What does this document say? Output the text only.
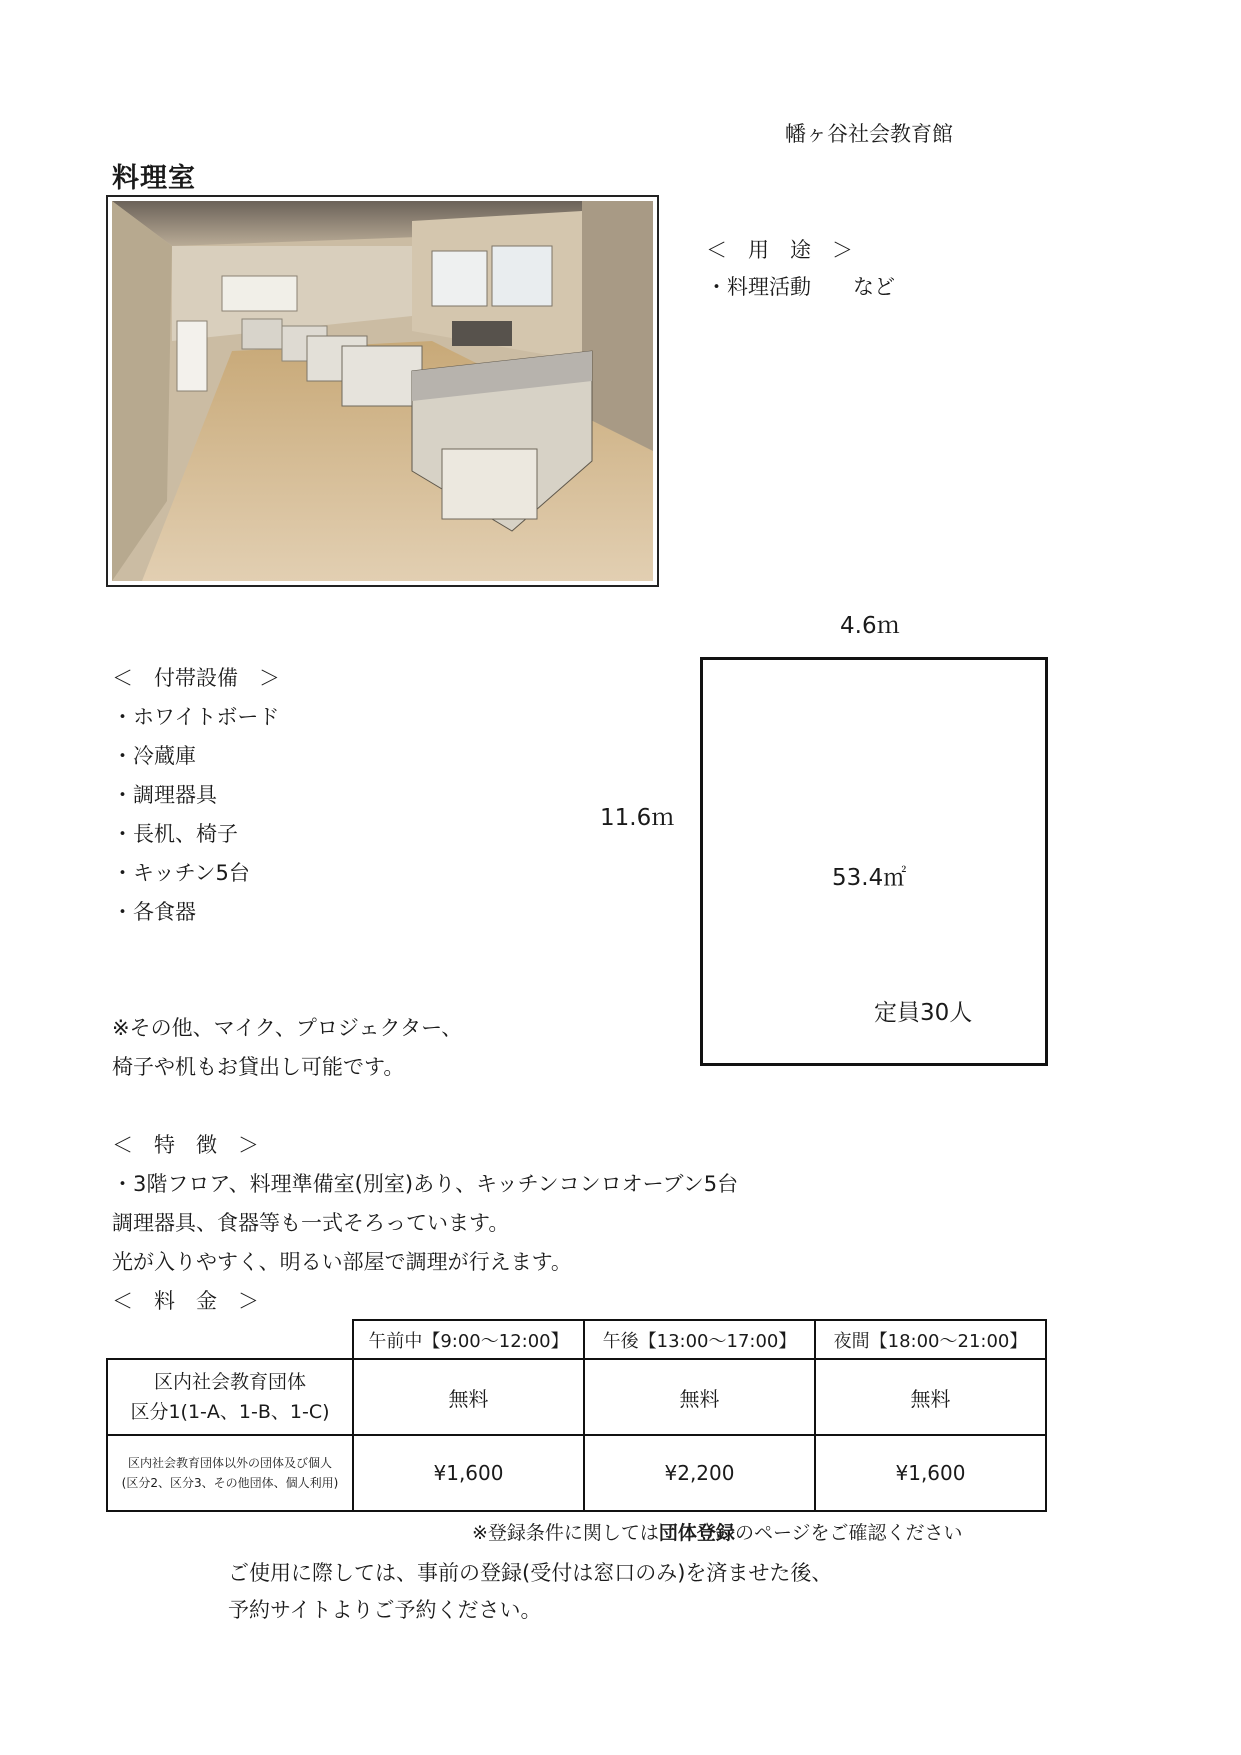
幡ヶ谷社会教育館
料理室
＜　用　途　＞
・料理活動　　など
4.6ｍ
11.6ｍ
53.4㎡
定員30人
＜　付帯設備　＞
・ホワイトボード
・冷蔵庫
・調理器具
・長机、椅子
・キッチン5台
・各食器
※その他、マイク、プロジェクター、
椅子や机もお貸出し可能です。
＜　特　徴　＞
・3階フロア、料理準備室(別室)あり、キッチンコンロオーブン5台
調理器具、食器等も一式そろっています。
光が入りやすく、明るい部屋で調理が行えます。
＜　料　金　＞
	午前中【9:00～12:00】	午後【13:00～17:00】	夜間【18:00～21:00】

区内社会教育団体
区分1(1-A、1-B、1-C)	無料	無料	無料

区内社会教育団体以外の団体及び個人
(区分2、区分3、その他団体、個人利用)	¥1,600	¥2,200	¥1,600
※登録条件に関しては団体登録のページをご確認ください
ご使用に際しては、事前の登録(受付は窓口のみ)を済ませた後、
予約サイトよりご予約ください。
